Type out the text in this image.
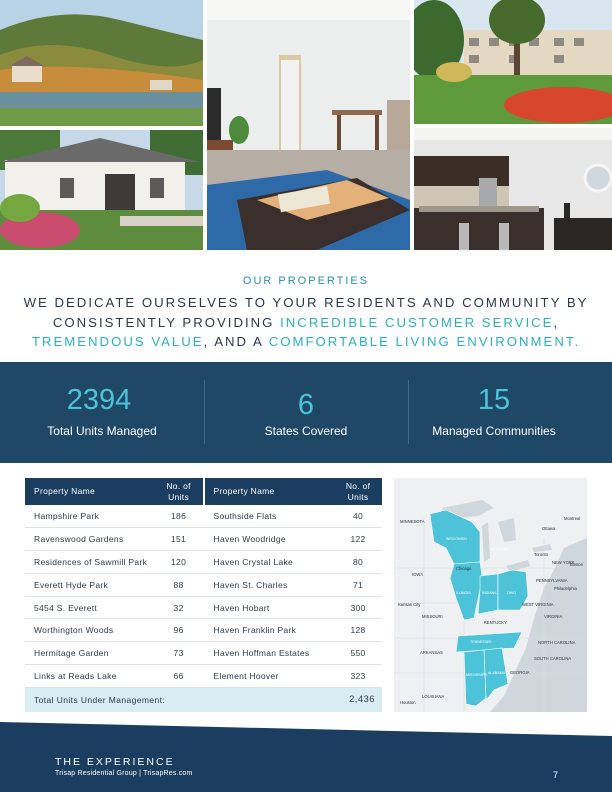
OUR PROPERTIES
WE DEDICATE OURSELVES TO YOUR RESIDENTS AND COMMUNITY BY CONSISTENTLY PROVIDING INCREDIBLE CUSTOMER SERVICE, TREMENDOUS VALUE, AND A COMFORTABLE LIVING ENVIRONMENT.
2394
Total Units Managed
6
States Covered
15
Managed Communities
Property Name	No. of Units		Property Name	No. of Units
Hampshire Park	186		Southside Flats	40
Ravenswood Gardens	151		Haven Woodridge	122
Residences of Sawmill Park	120		Haven Crystal Lake	80
Everett Hyde Park	88		Haven St. Charles	71
5454 S. Everett	32		Haven Hobart	300
Worthington Woods	96		Haven Franklin Park	128
Hermitage Garden	73		Haven Hoffman Estates	550
Links at Reads Lake	66		Element Hoover	323
Total Units Under Management:	2,436
MINNESOTA
Ottawa
Montreal
WISCONSIN
Toronto
Boston
IOWA
MICHIGAN
NEW YORK
Chicago
PENNSYLVANIA
ILLINOIS	INDIANA	OHIO
Philadelphia
Kansas City
MISSOURI
KENTUCKY
WEST VIRGINIA
VIRGINIA
TENNESSEE	NORTH CAROLINA
ARKANSAS
SOUTH CAROLINA
MISSISSIPPI ALABAMA GEORGIA
LOUISIANA
Houston
THE EXPERIENCE
Trisap Residential Group | TrisapRes.com	7
